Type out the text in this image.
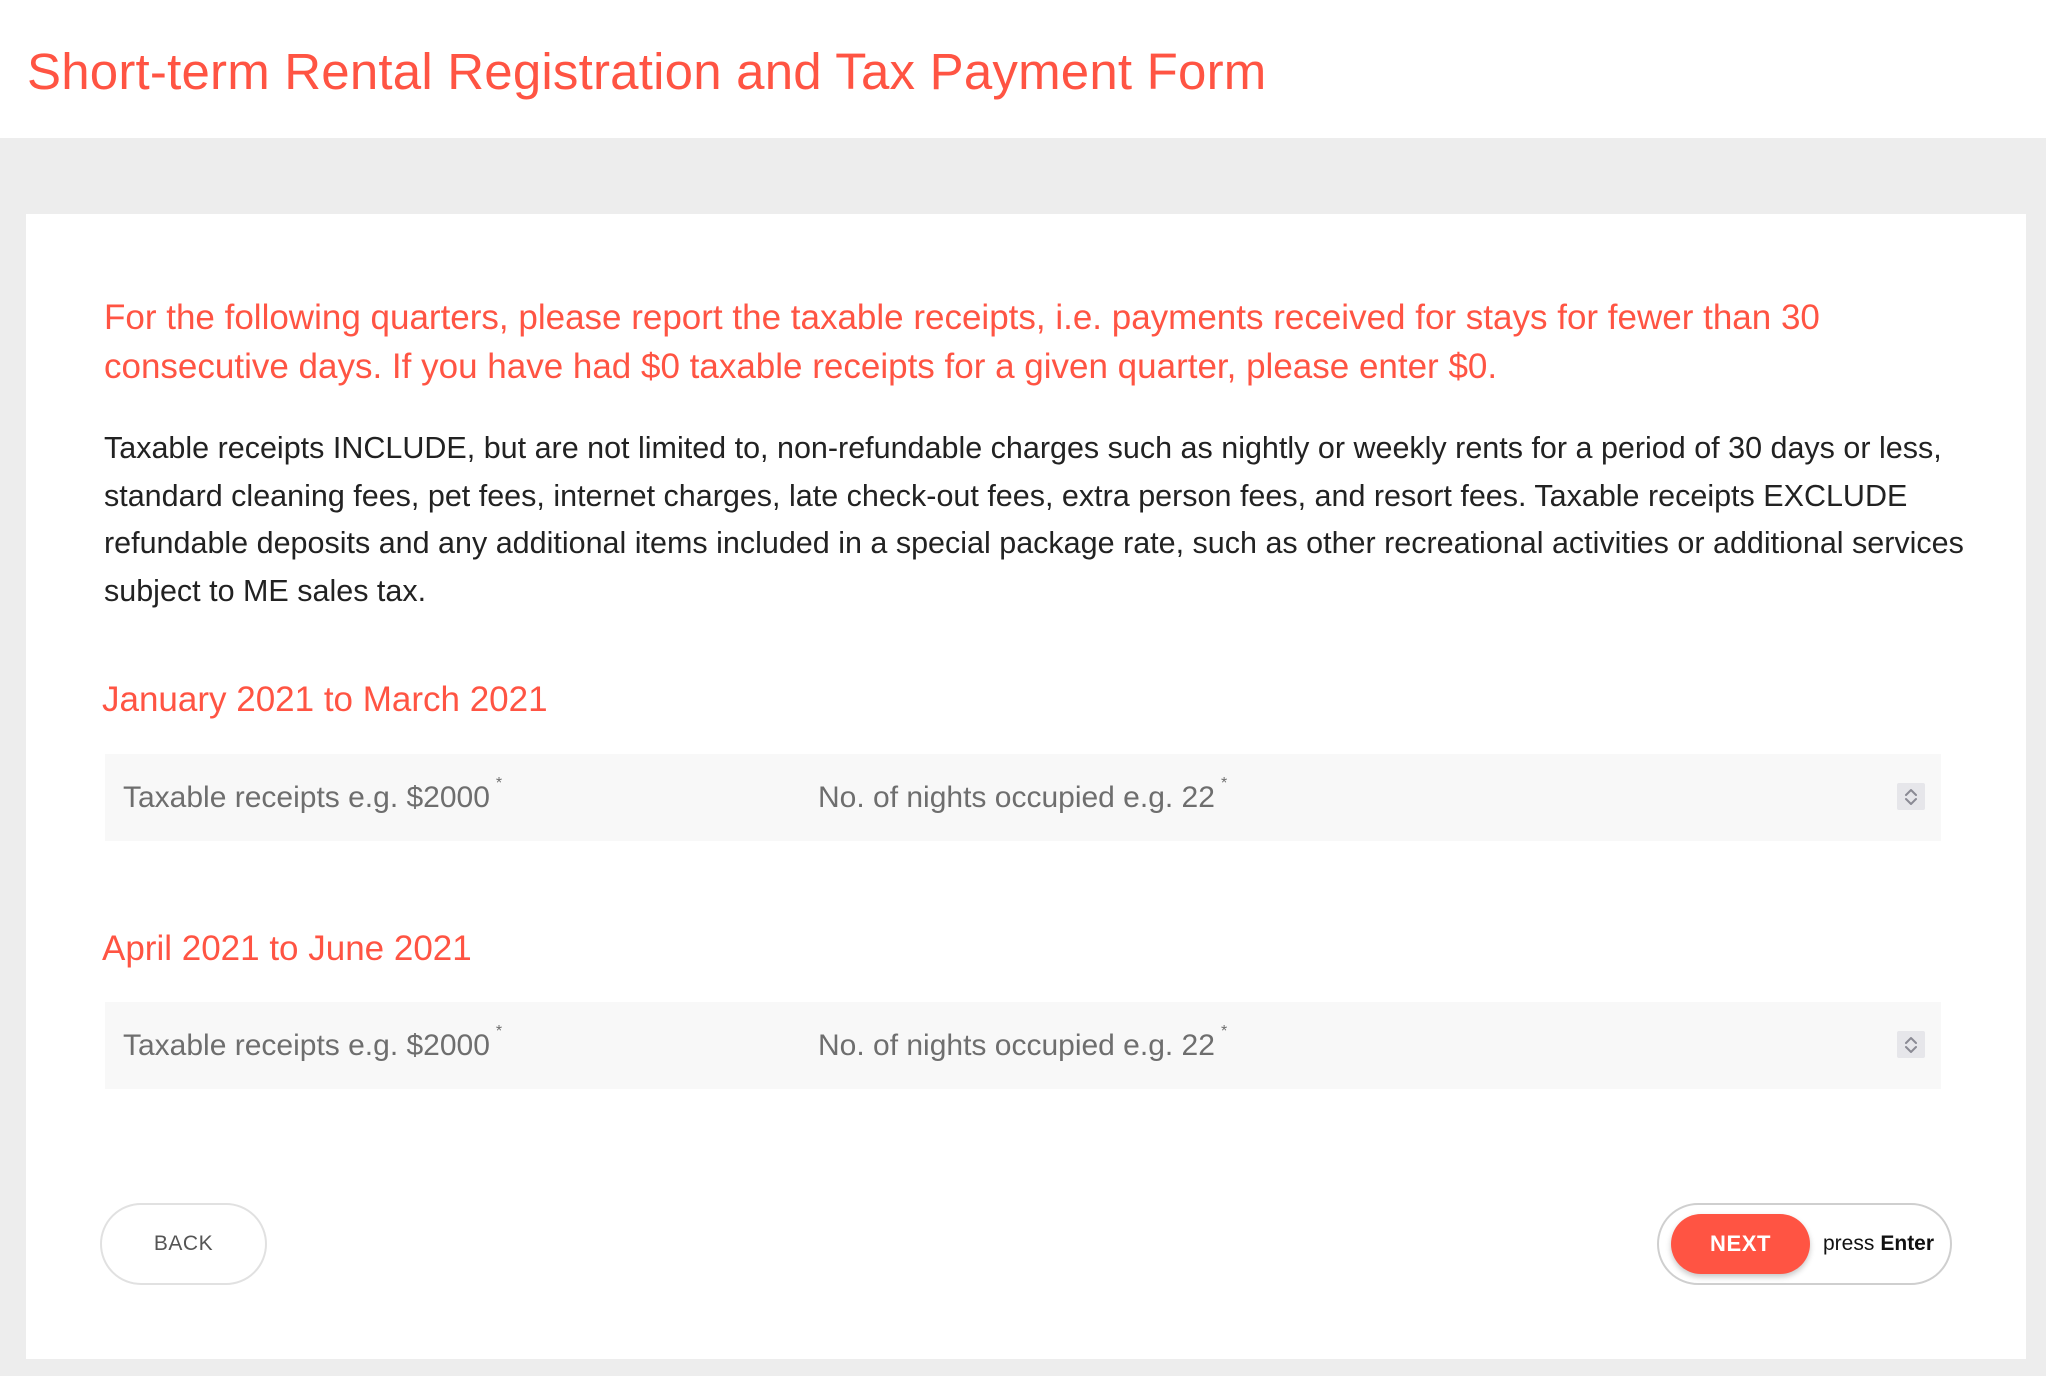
Short-term Rental Registration and Tax Payment Form

For the following quarters, please report the taxable receipts, i.e. payments received for stays for fewer than 30 consecutive days. If you have had $0 taxable receipts for a given quarter, please enter $0.

Taxable receipts INCLUDE, but are not limited to, non-refundable charges such as nightly or weekly rents for a period of 30 days or less, standard cleaning fees, pet fees, internet charges, late check-out fees, extra person fees, and resort fees. Taxable receipts EXCLUDE refundable deposits and any additional items included in a special package rate, such as other recreational activities or additional services subject to ME sales tax.

January 2021 to March 2021
Taxable receipts e.g. $2000 *	No. of nights occupied e.g. 22 *
April 2021 to June 2021
Taxable receipts e.g. $2000 *	No. of nights occupied e.g. 22 *
BACK	NEXT	press Enter
